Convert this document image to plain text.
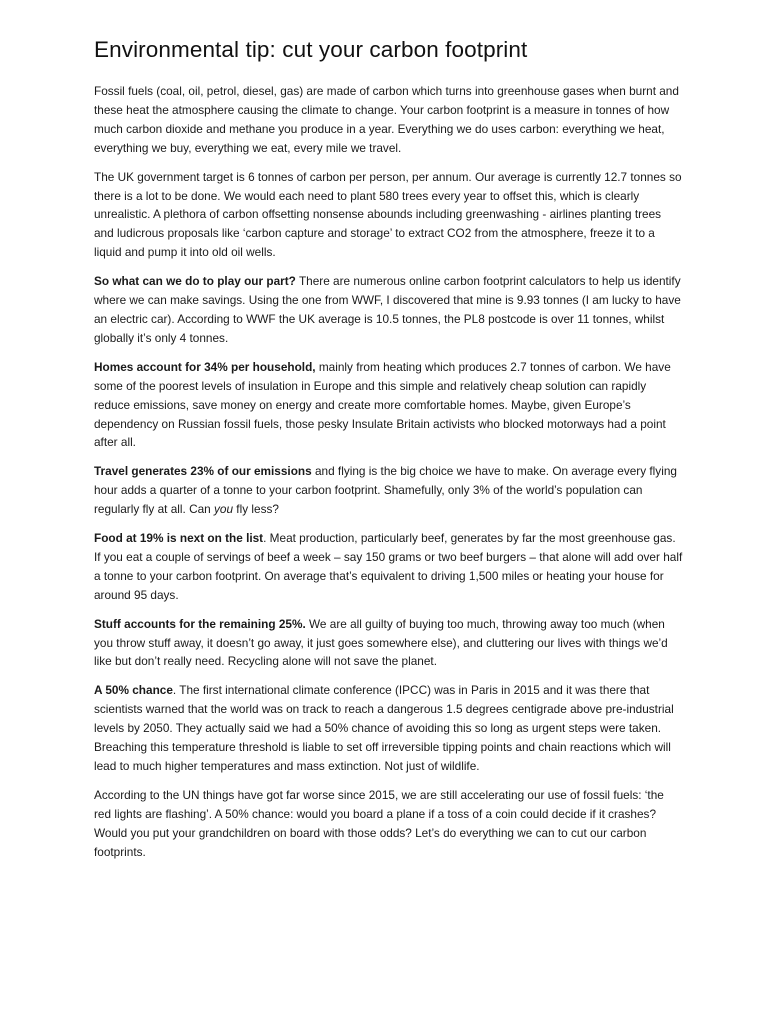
Environmental tip: cut your carbon footprint

Fossil fuels (coal, oil, petrol, diesel, gas) are made of carbon which turns into greenhouse gases when burnt and these heat the atmosphere causing the climate to change. Your carbon footprint is a measure in tonnes of how much carbon dioxide and methane you produce in a year. Everything we do uses carbon: everything we heat, everything we buy, everything we eat, every mile we travel.

The UK government target is 6 tonnes of carbon per person, per annum. Our average is currently 12.7 tonnes so there is a lot to be done. We would each need to plant 580 trees every year to offset this, which is clearly unrealistic. A plethora of carbon offsetting nonsense abounds including greenwashing - airlines planting trees and ludicrous proposals like ‘carbon capture and storage’ to extract CO2 from the atmosphere, freeze it to a liquid and pump it into old oil wells.

So what can we do to play our part? There are numerous online carbon footprint calculators to help us identify where we can make savings. Using the one from WWF, I discovered that mine is 9.93 tonnes (I am lucky to have an electric car). According to WWF the UK average is 10.5 tonnes, the PL8 postcode is over 11 tonnes, whilst globally it’s only 4 tonnes.

Homes account for 34% per household, mainly from heating which produces 2.7 tonnes of carbon. We have some of the poorest levels of insulation in Europe and this simple and relatively cheap solution can rapidly reduce emissions, save money on energy and create more comfortable homes. Maybe, given Europe’s dependency on Russian fossil fuels, those pesky Insulate Britain activists who blocked motorways had a point after all.

Travel generates 23% of our emissions and flying is the big choice we have to make. On average every flying hour adds a quarter of a tonne to your carbon footprint. Shamefully, only 3% of the world’s population can regularly fly at all. Can you fly less?

Food at 19% is next on the list. Meat production, particularly beef, generates by far the most greenhouse gas. If you eat a couple of servings of beef a week – say 150 grams or two beef burgers – that alone will add over half a tonne to your carbon footprint. On average that’s equivalent to driving 1,500 miles or heating your house for around 95 days.

Stuff accounts for the remaining 25%. We are all guilty of buying too much, throwing away too much (when you throw stuff away, it doesn’t go away, it just goes somewhere else), and cluttering our lives with things we’d like but don’t really need. Recycling alone will not save the planet.

A 50% chance. The first international climate conference (IPCC) was in Paris in 2015 and it was there that scientists warned that the world was on track to reach a dangerous 1.5 degrees centigrade above pre-industrial levels by 2050. They actually said we had a 50% chance of avoiding this so long as urgent steps were taken. Breaching this temperature threshold is liable to set off irreversible tipping points and chain reactions which will lead to much higher temperatures and mass extinction. Not just of wildlife.

According to the UN things have got far worse since 2015, we are still accelerating our use of fossil fuels: ‘the red lights are flashing’. A 50% chance: would you board a plane if a toss of a coin could decide if it crashes? Would you put your grandchildren on board with those odds? Let’s do everything we can to cut our carbon footprints.
